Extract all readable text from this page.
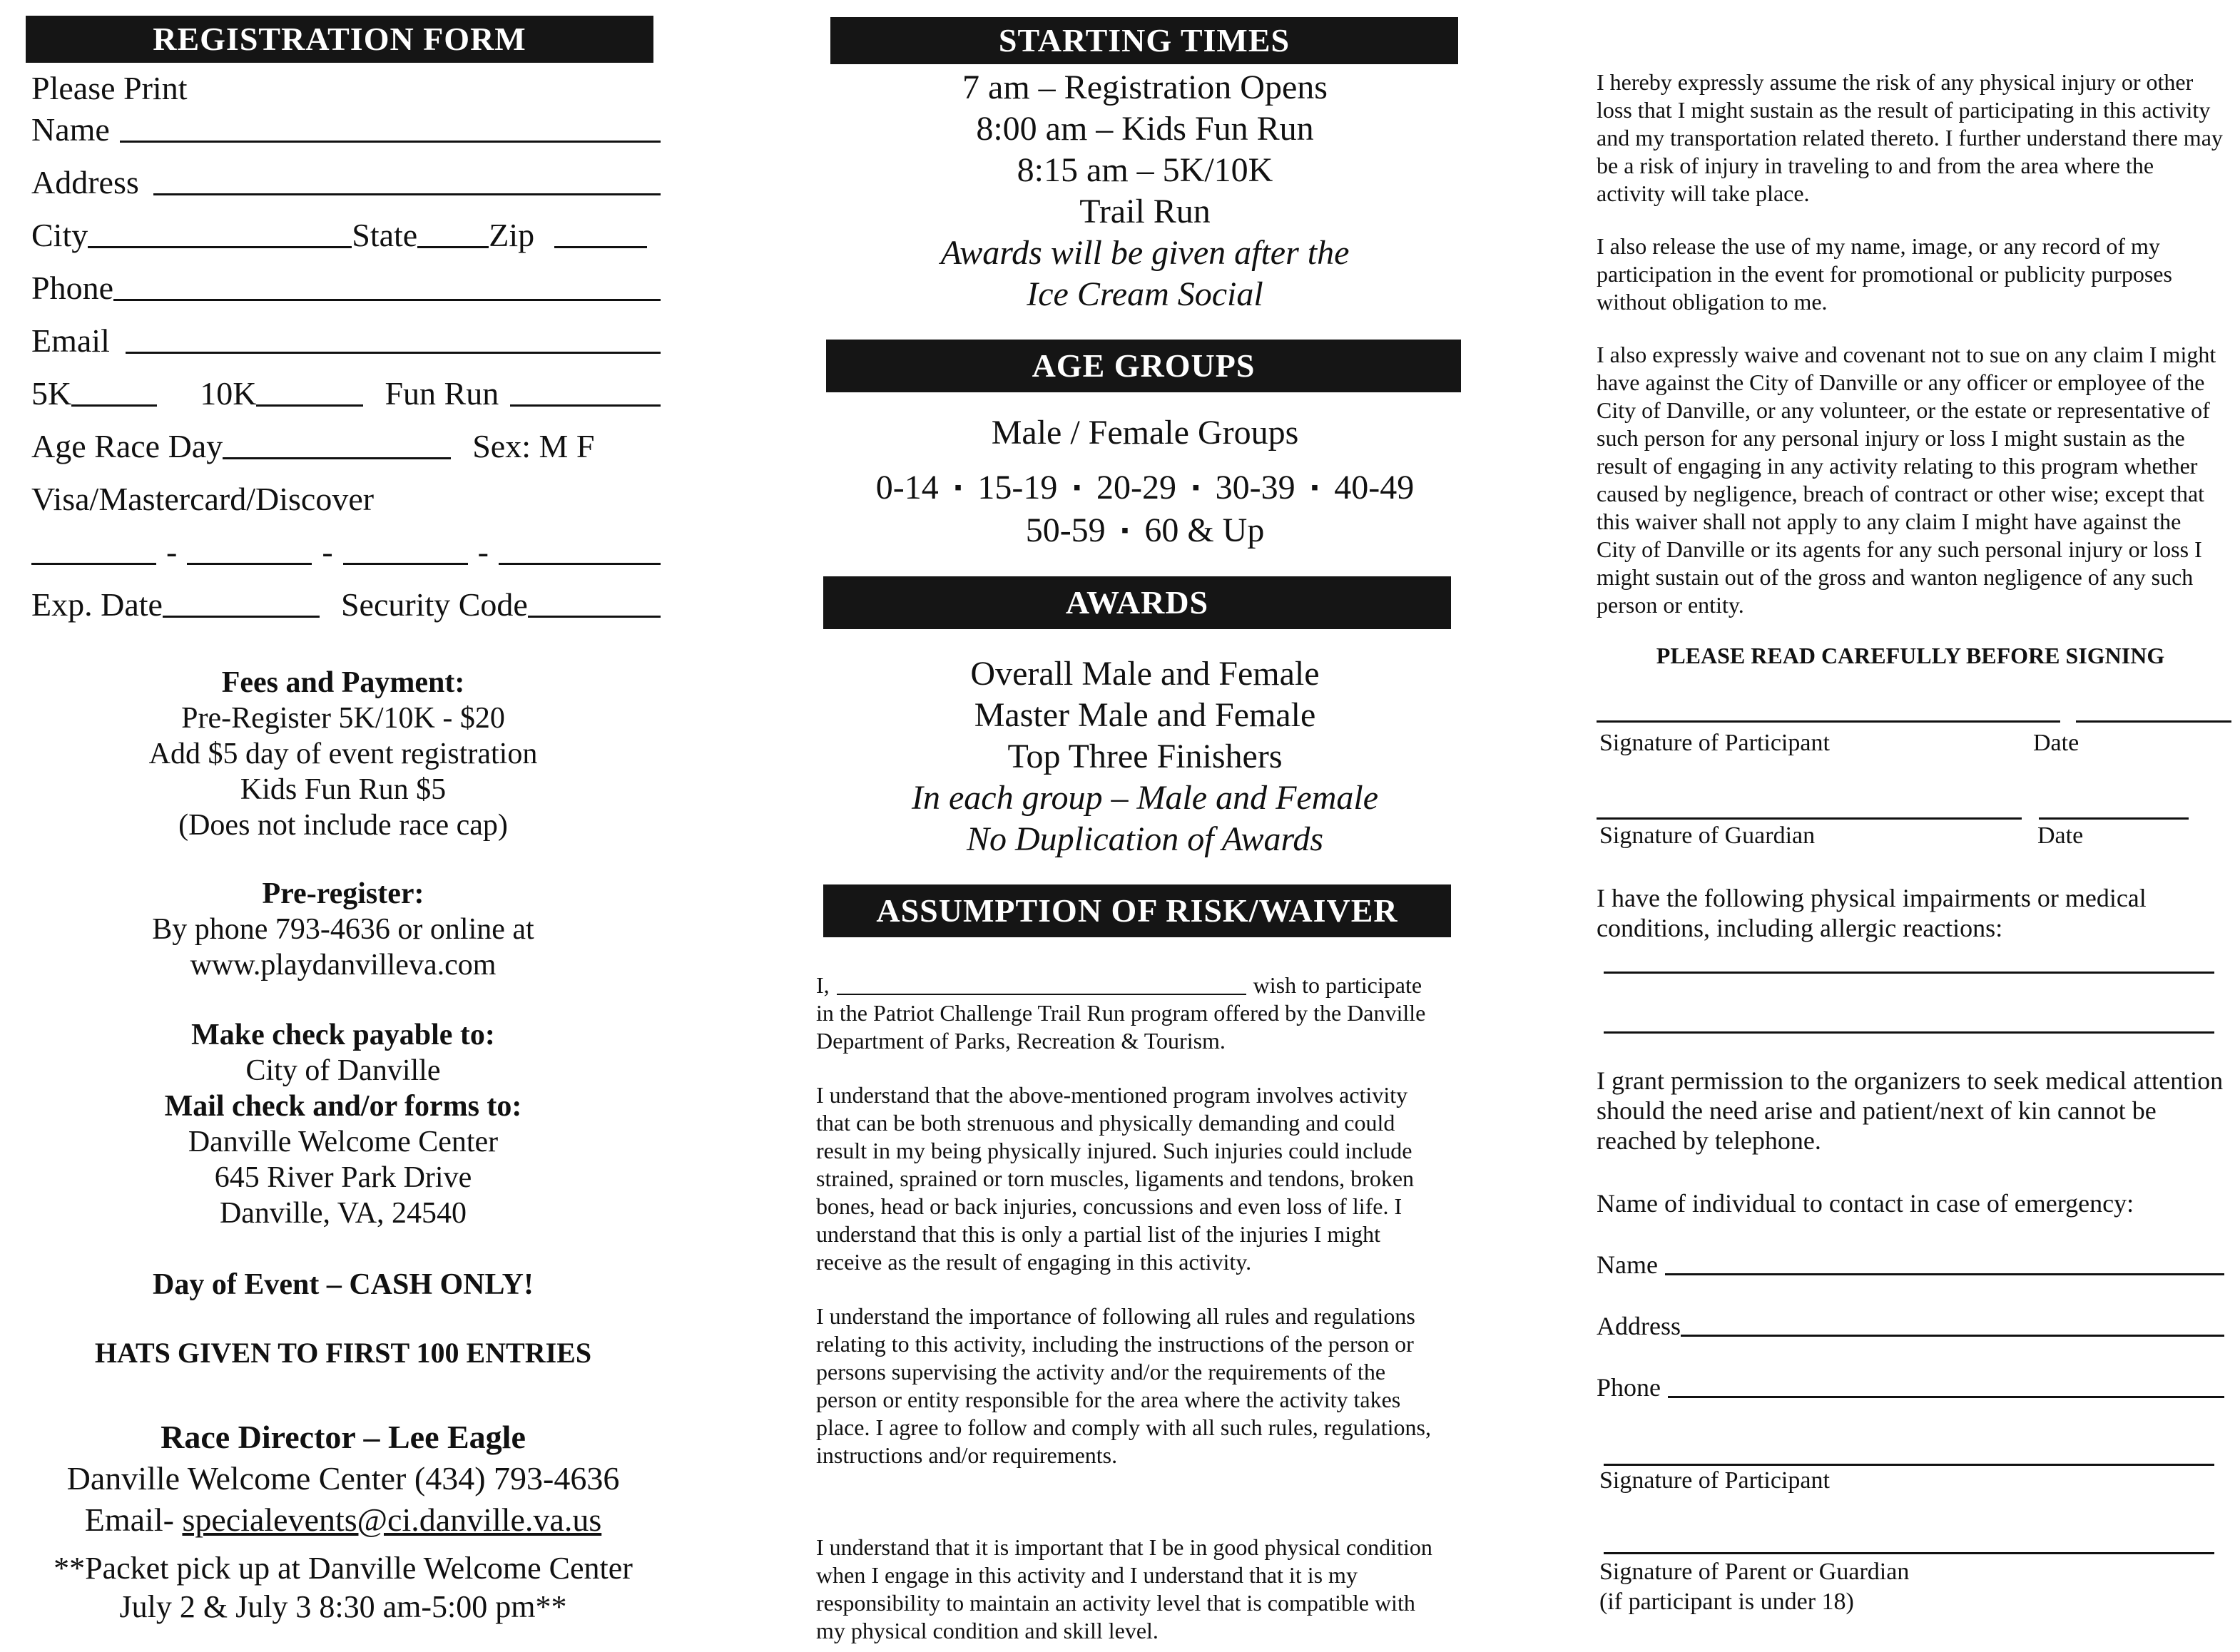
REGISTRATION FORM
Please Print
Name
Address
City	State Zip
Phone
Email
5K	10K	Fun Run
Age Race Day	Sex: M F
Visa/Mastercard/Discover
-	-	-
Exp. Date	Security Code
Fees and Payment:
Pre-Register 5K/10K - $20
Add $5 day of event registration
Kids Fun Run $5
(Does not include race cap)
Pre-register:
By phone 793-4636 or online at
www.playdanvilleva.com
Make check payable to:
City of Danville
Mail check and/or forms to:
Danville Welcome Center
645 River Park Drive
Danville, VA, 24540
Day of Event – CASH ONLY!
HATS GIVEN TO FIRST 100 ENTRIES
Race Director – Lee Eagle
Danville Welcome Center (434) 793-4636
Email- specialevents@ci.danville.va.us
**Packet pick up at Danville Welcome Center
July 2 & July 3 8:30 am-5:00 pm**
STARTING TIMES
7 am – Registration Opens
8:00 am – Kids Fun Run
8:15 am – 5K/10K
Trail Run
Awards will be given after the
Ice Cream Social
AGE GROUPS
Male / Female Groups
0-14 ▪ 15-19 ▪ 20-29 ▪ 30-39 ▪ 40-49
50-59 ▪ 60 & Up
AWARDS
Overall Male and Female
Master Male and Female
Top Three Finishers
In each group – Male and Female
No Duplication of Awards
ASSUMPTION OF RISK/WAIVER
I,	wish to participate
in the Patriot Challenge Trail Run program offered by the Danville Department of Parks, Recreation & Tourism.
I understand that the above-mentioned program involves activity that can be both strenuous and physically demanding and could result in my being physically injured. Such injuries could include strained, sprained or torn muscles, ligaments and tendons, broken bones, head or back injuries, concussions and even loss of life. I understand that this is only a partial list of the injuries I might receive as the result of engaging in this activity.
I understand the importance of following all rules and regulations relating to this activity, including the instructions of the person or persons supervising the activity and/or the requirements of the person or entity responsible for the area where the activity takes place. I agree to follow and comply with all such rules, regulations, instructions and/or requirements.
I understand that it is important that I be in good physical condition when I engage in this activity and I understand that it is my responsibility to maintain an activity level that is compatible with my physical condition and skill level.
I hereby expressly assume the risk of any physical injury or other loss that I might sustain as the result of participating in this activity and my transportation related thereto. I further understand there may be a risk of injury in traveling to and from the area where the activity will take place.
I also release the use of my name, image, or any record of my participation in the event for promotional or publicity purposes without obligation to me.
I also expressly waive and covenant not to sue on any claim I might have against the City of Danville or any officer or employee of the City of Danville, or any volunteer, or the estate or representative of such person for any personal injury or loss I might sustain as the result of engaging in any activity relating to this program whether caused by negligence, breach of contract or other wise; except that this waiver shall not apply to any claim I might have against the City of Danville or its agents for any such personal injury or loss I might sustain out of the gross and wanton negligence of any such person or entity.
PLEASE READ CAREFULLY BEFORE SIGNING
Signature of Participant	Date
Signature of Guardian	Date
I have the following physical impairments or medical conditions, including allergic reactions:
I grant permission to the organizers to seek medical attention should the need arise and patient/next of kin cannot be reached by telephone.
Name of individual to contact in case of emergency:
Name
Address
Phone
Signature of Participant
Signature of Parent or Guardian
(if participant is under 18)
